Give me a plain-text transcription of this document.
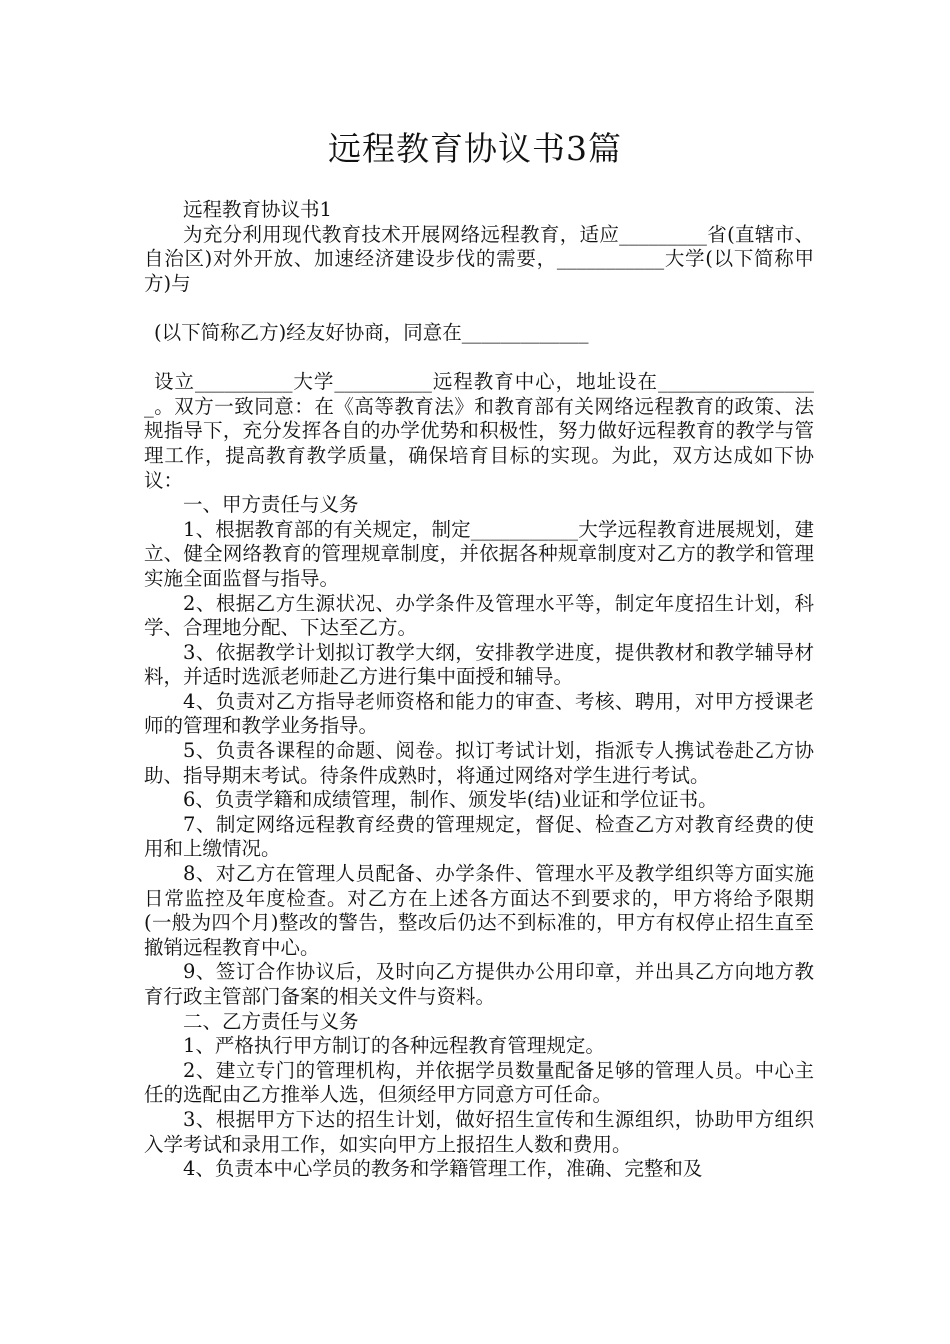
远程教育协议书3篇

远程教育协议书1

为充分利用现代教育技术开展网络远程教育，适应_________省(直辖市、自治区)对外开放、加速经济建设步伐的需要，___________大学(以下简称甲方)与

(以下简称乙方)经友好协商，同意在_____________

设立__________大学__________远程教育中心，地址设在_________________。双方一致同意：在《高等教育法》和教育部有关网络远程教育的政策、法规指导下，充分发挥各自的办学优势和积极性，努力做好远程教育的教学与管理工作，提高教育教学质量，确保培育目标的实现。为此，双方达成如下协议：

一、甲方责任与义务

1、根据教育部的有关规定，制定___________大学远程教育进展规划，建立、健全网络教育的管理规章制度，并依据各种规章制度对乙方的教学和管理实施全面监督与指导。

2、根据乙方生源状况、办学条件及管理水平等，制定年度招生计划，科学、合理地分配、下达至乙方。

3、依据教学计划拟订教学大纲，安排教学进度，提供教材和教学辅导材料，并适时选派老师赴乙方进行集中面授和辅导。

4、负责对乙方指导老师资格和能力的审查、考核、聘用，对甲方授课老师的管理和教学业务指导。

5、负责各课程的命题、阅卷。拟订考试计划，指派专人携试卷赴乙方协助、指导期末考试。待条件成熟时，将通过网络对学生进行考试。

6、负责学籍和成绩管理，制作、颁发毕(结)业证和学位证书。

7、制定网络远程教育经费的管理规定，督促、检查乙方对教育经费的使用和上缴情况。

8、对乙方在管理人员配备、办学条件、管理水平及教学组织等方面实施日常监控及年度检查。对乙方在上述各方面达不到要求的，甲方将给予限期(一般为四个月)整改的警告，整改后仍达不到标准的，甲方有权停止招生直至撤销远程教育中心。

9、签订合作协议后，及时向乙方提供办公用印章，并出具乙方向地方教育行政主管部门备案的相关文件与资料。

二、乙方责任与义务

1、严格执行甲方制订的各种远程教育管理规定。

2、建立专门的管理机构，并依据学员数量配备足够的管理人员。中心主任的选配由乙方推举人选，但须经甲方同意方可任命。

3、根据甲方下达的招生计划，做好招生宣传和生源组织，协助甲方组织入学考试和录用工作，如实向甲方上报招生人数和费用。

4、负责本中心学员的教务和学籍管理工作，准确、完整和及
